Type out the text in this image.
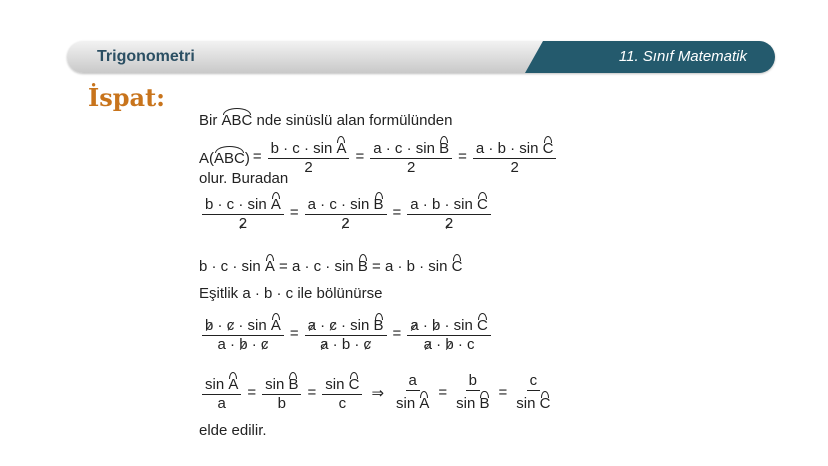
Trigonometri	11. Sınıf Matematik
İspat:
Bir ABC nde sinüslü alan formülünden
$A(ABC) = \frac{\text{b · c · sin A}}{2} = \frac{\text{a · c · sin B}}{2} = \frac{\text{a · b · sin C}}{2}$
olur. Buradan
$\frac{\text{b · c · sin A}}{2} = \frac{\text{a · c · sin B}}{2} = \frac{\text{a · b · sin C}}{2}$
b · c · sin A = a · c · sin B = a · b · sin C
Eşitlik a · b · c ile bölünürse
$\frac{\text{b · c · sin A}}{a \cdot b \cdot c} = \frac{\text{a · c · sin B}}{a \cdot b \cdot c} = \frac{\text{a · b · sin C}}{a \cdot b \cdot c}$
$\frac{\text{sin A}}{a} = \frac{\text{sin B}}{b} = \frac{\text{sin C}}{c}$ ⇒ $\frac{a}{\text{sin A}} = \frac{b}{\text{sin B}} = \frac{c}{\text{sin C}}$
elde edilir.
